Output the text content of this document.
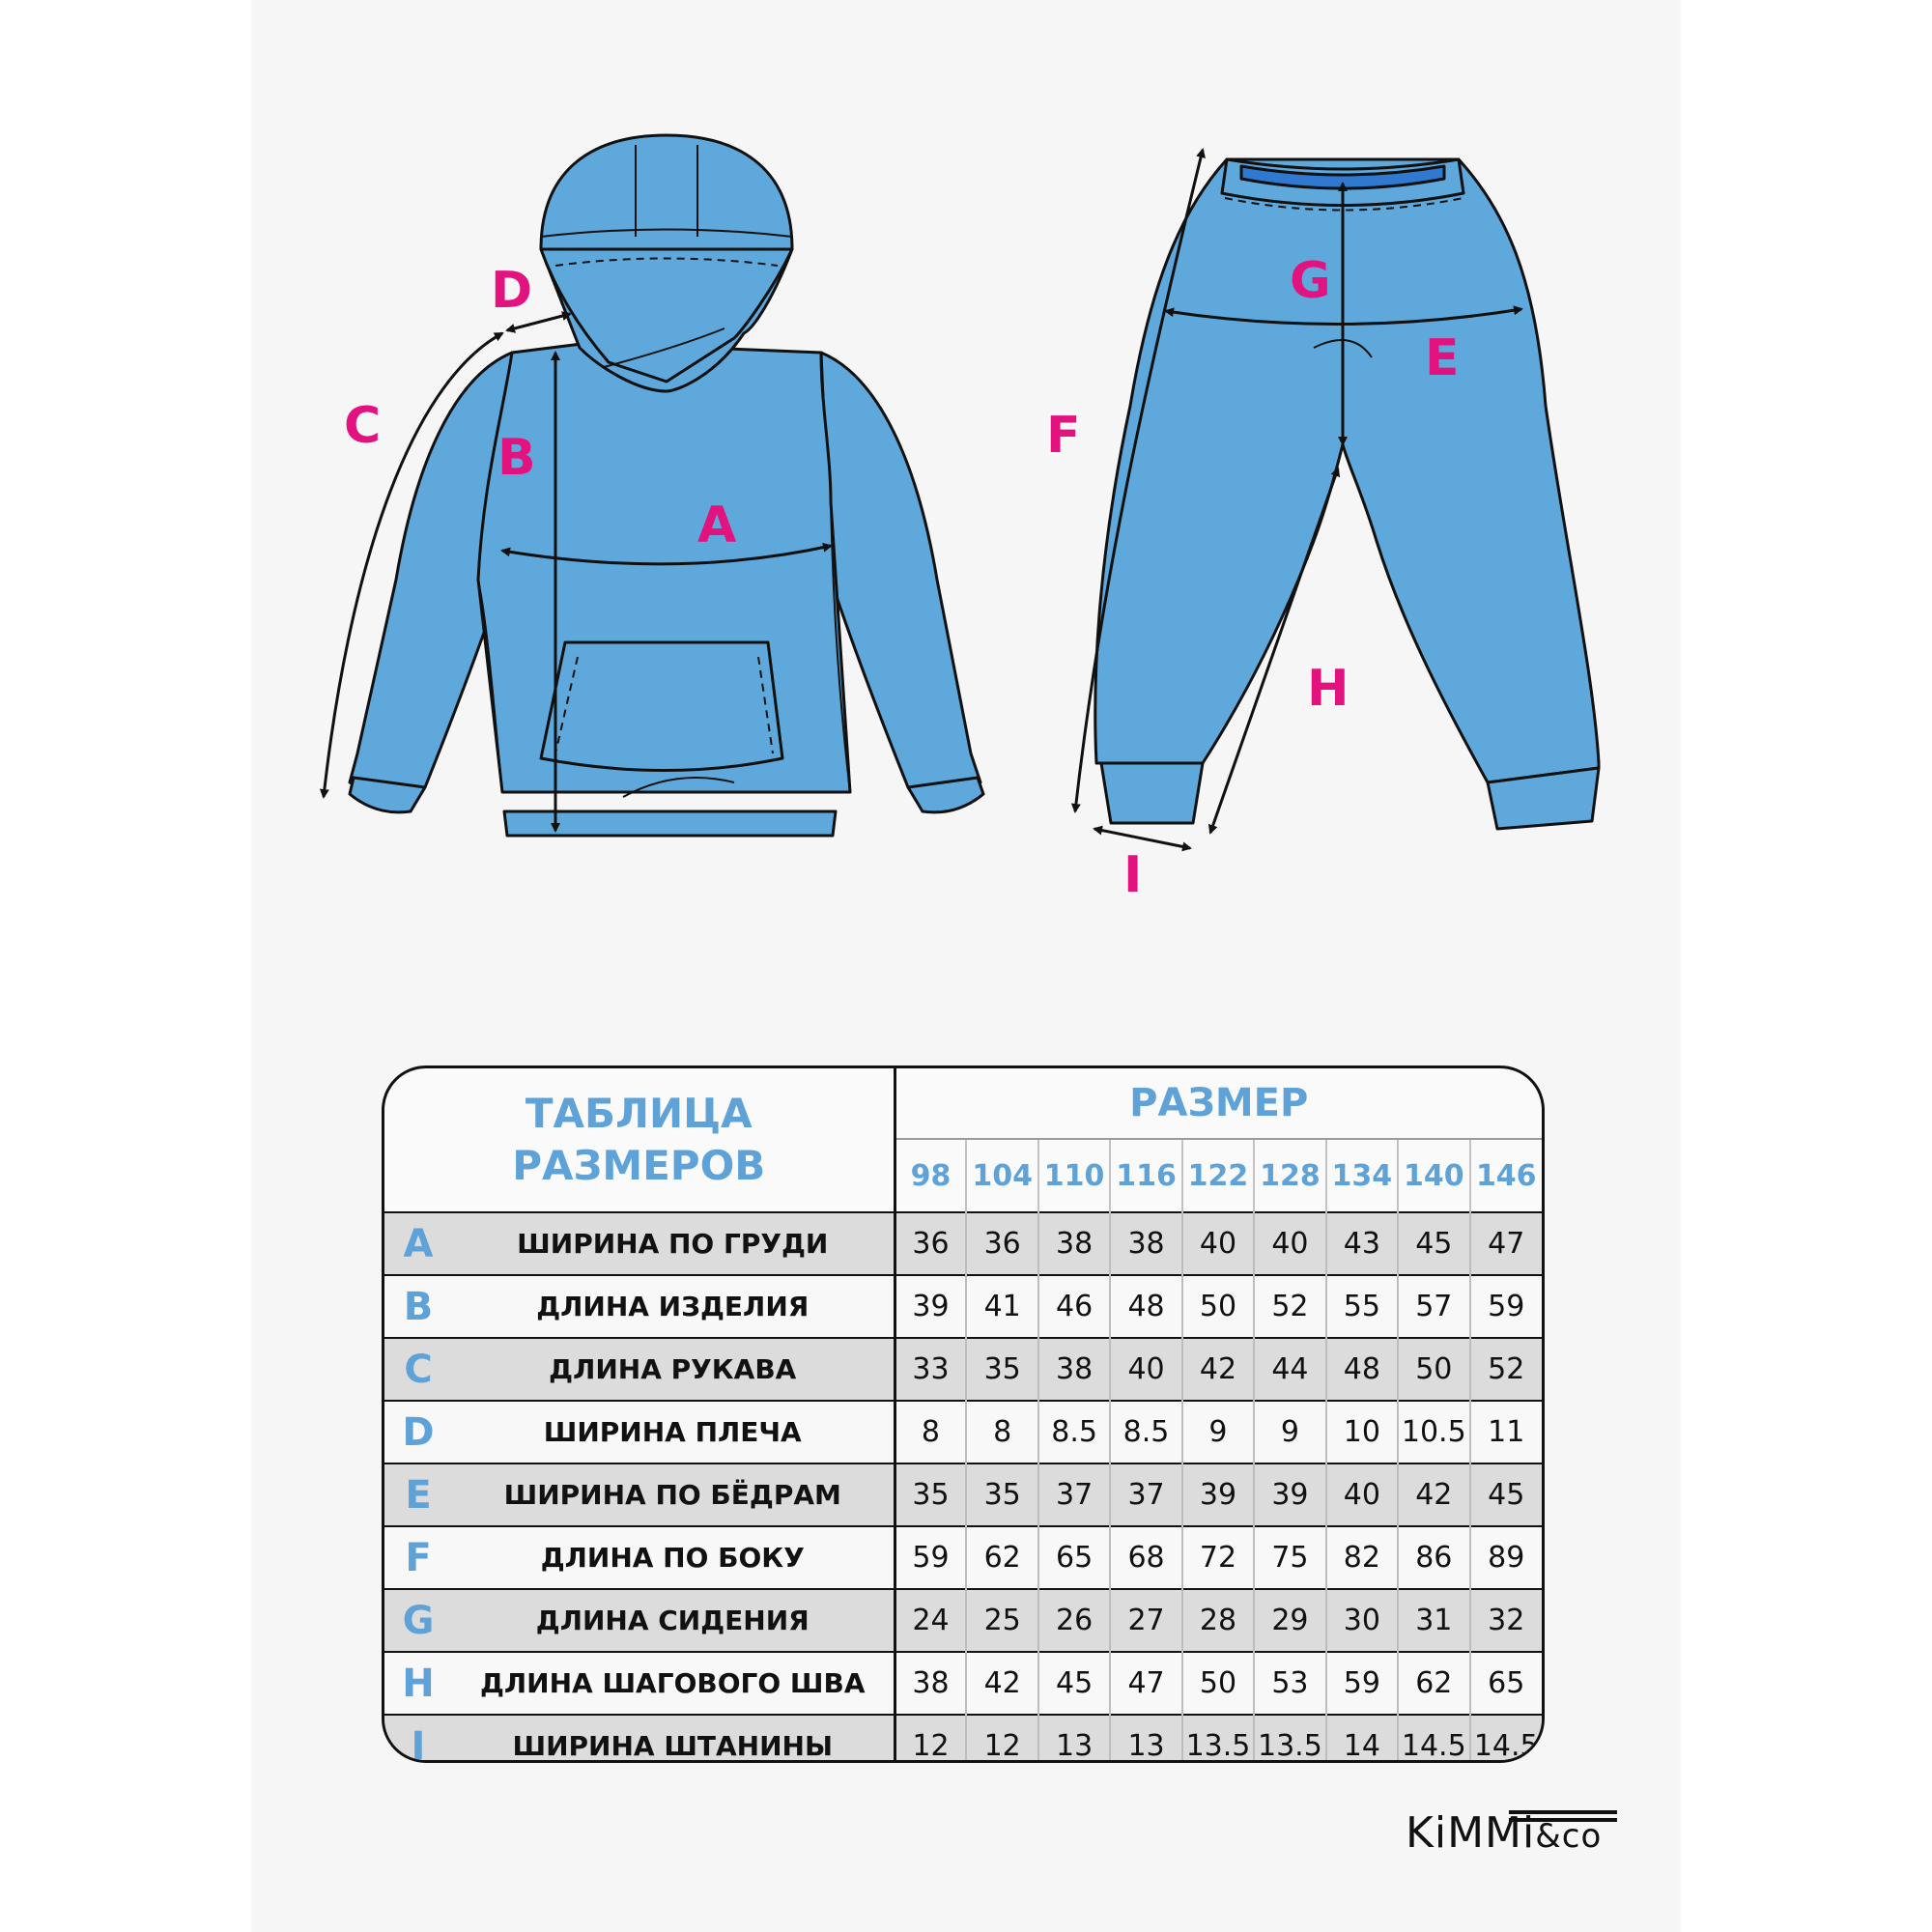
A
B
C
D
E
F
G
H
I
ТАБЛИЦА
РАЗМЕРОВ		РАЗМЕР								
		98	104	110	116	122	128	134	140	146
A	ШИРИНА ПО ГРУДИ	36	36	38	38	40	40	43	45	47
B	ДЛИНА ИЗДЕЛИЯ	39	41	46	48	50	52	55	57	59
C	ДЛИНА РУКАВА	33	35	38	40	42	44	48	50	52
D	ШИРИНА ПЛЕЧА	8	8	8.5	8.5	9	9	10	10.5	11
E	ШИРИНА ПО БЁДРАМ	35	35	37	37	39	39	40	42	45
F	ДЛИНА ПО БОКУ	59	62	65	68	72	75	82	86	89
G	ДЛИНА СИДЕНИЯ	24	25	26	27	28	29	30	31	32
H	ДЛИНА ШАГОВОГО ШВА	38	42	45	47	50	53	59	62	65
I	ШИРИНА ШТАНИНЫ	12	12	13	13	13.5	13.5	14	14.5	14.5
KiMMi&co
